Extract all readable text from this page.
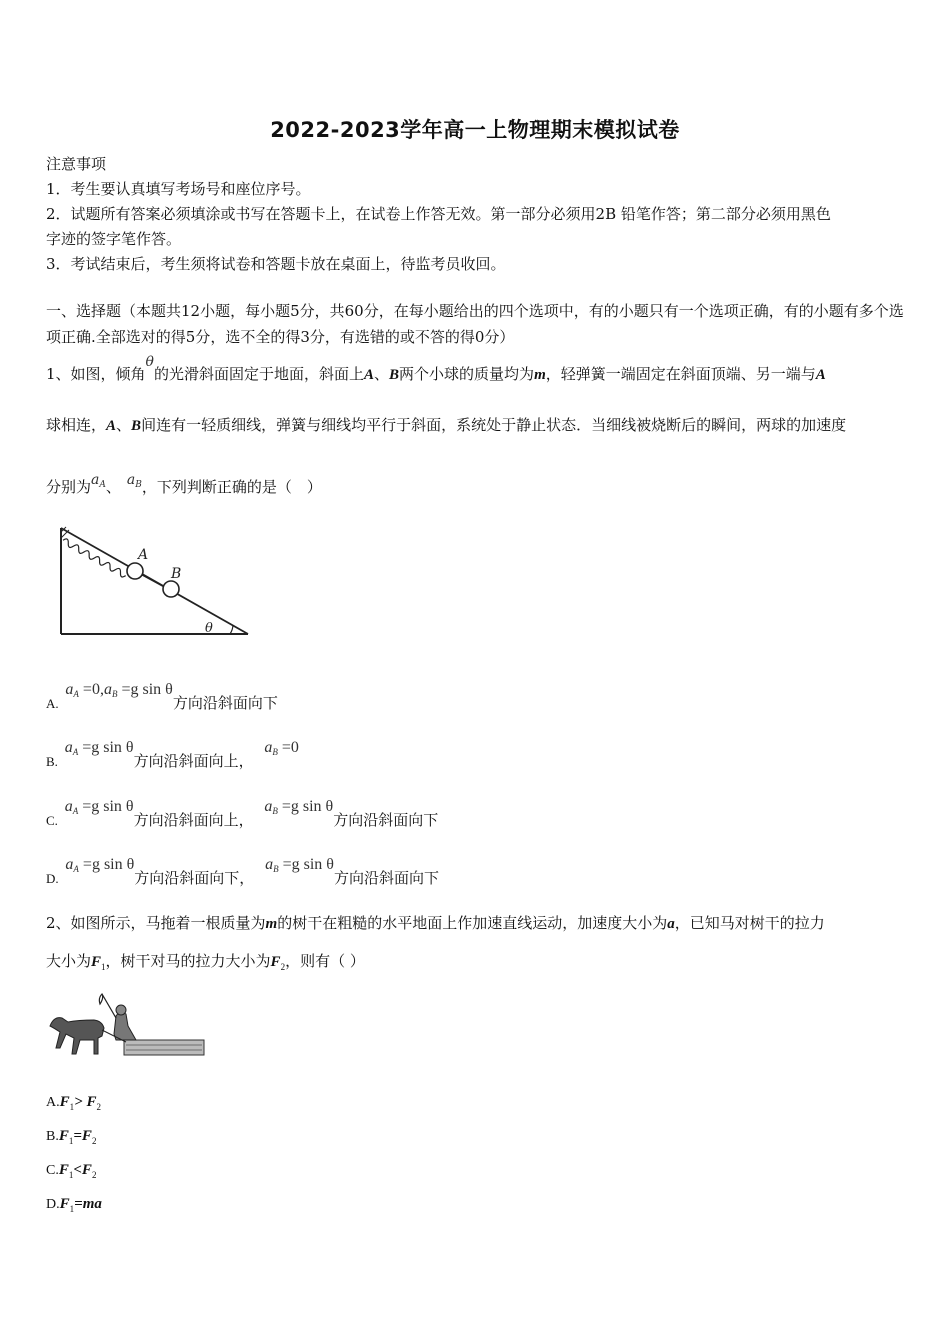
2022-2023学年高一上物理期末模拟试卷
注意事项
1．考生要认真填写考场号和座位序号。
2．试题所有答案必须填涂或书写在答题卡上，在试卷上作答无效。第一部分必须用2B 铅笔作答；第二部分必须用黑色
字迹的签字笔作答。
3．考试结束后，考生须将试卷和答题卡放在桌面上，待监考员收回。
一、选择题（本题共12小题，每小题5分，共60分，在每小题给出的四个选项中，有的小题只有一个选项正确，有的小题有多个选项正确.全部选对的得5分，选不全的得3分，有选错的或不答的得0分）
1、如图，倾角θ的光滑斜面固定于地面，斜面上A、B两个小球的质量均为m，轻弹簧一端固定在斜面顶端、另一端与A
球相连，A、B间连有一轻质细线，弹簧与细线均平行于斜面，系统处于静止状态．当细线被烧断后的瞬间，两球的加速度
分别为$a_A$、 $a_B$，下列判断正确的是（　）
A
B
θ
A. $a_A =0,a_B =g$ sin θ方向沿斜面向下
B. $a_A =g$ sin θ方向沿斜面向上， $a_B =0$
C. $a_A =g$ sin θ方向沿斜面向上， $a_B =g$ sin θ方向沿斜面向下
D. $a_A =g$ sin θ方向沿斜面向下， $a_B =g$ sin θ方向沿斜面向下
2、如图所示，马拖着一根质量为m的树干在粗糙的水平地面上作加速直线运动，加速度大小为a，已知马对树干的拉力
大小为$F_1$，树干对马的拉力大小为$F_2$，则有（ ）
$A.F_1> F_2$
$B.F_1=F_2$
$C.F_1<F_2$
$D.F_1=ma$
